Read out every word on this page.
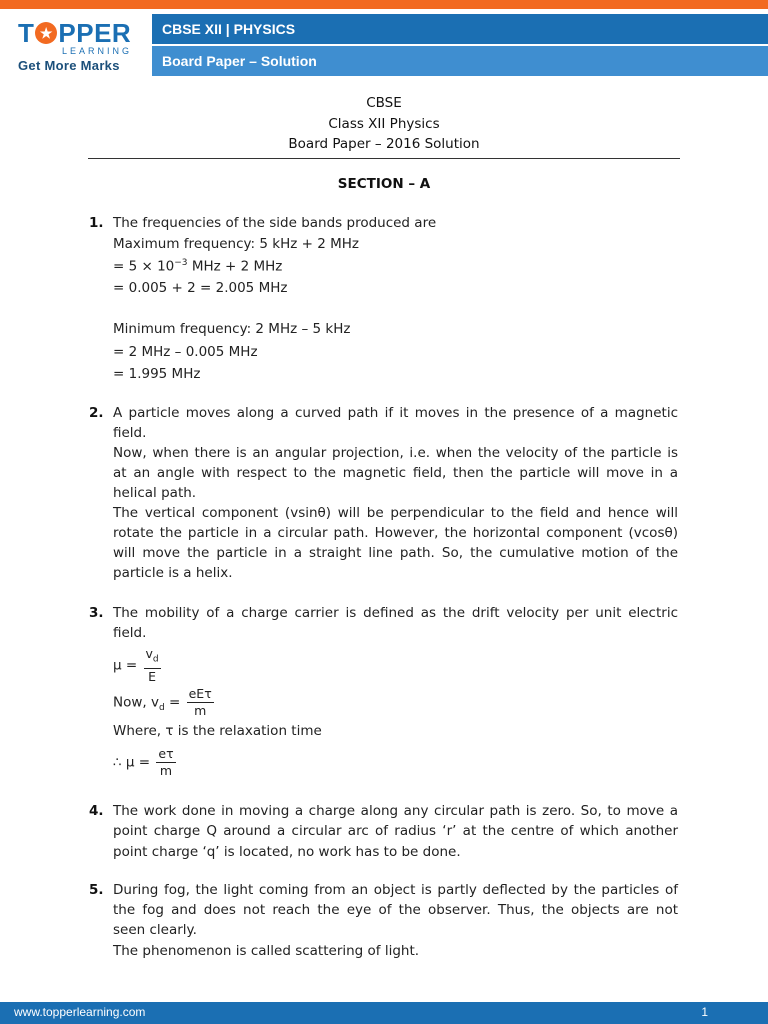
T ★ PPER
LEARNING
Get More Marks
CBSE XII | PHYSICS
Board Paper – Solution
CBSE
Class XII Physics
Board Paper – 2016 Solution
SECTION – A
1. The frequencies of the side bands produced are
Maximum frequency: 5 kHz + 2 MHz
= $5 \times 10^{-3}$ MHz + 2 MHz
= 0.005 + 2 = 2.005 MHz
Minimum frequency: 2 MHz – 5 kHz
= 2 MHz – 0.005 MHz
= 1.995 MHz
2. A particle moves along a curved path if it moves in the presence of a magnetic
field.
Now, when there is an angular projection, i.e. when the velocity of the particle is
at an angle with respect to the magnetic field, then the particle will move in a
helical path.
The vertical component (vsinθ) will be perpendicular to the field and hence will
rotate the particle in a circular path. However, the horizontal component (vcosθ)
will move the particle in a straight line path. So, the cumulative motion of the
particle is a helix.
3. The mobility of a charge carrier is defined as the drift velocity per unit electric
field.
$\mu = \frac{v_d}{E}$
Now, $v_d = \frac{\text{eEτ}}{m}$
Where, τ is the relaxation time
∴ $\mu = \frac{e\tau}{m}$
4. The work done in moving a charge along any circular path is zero. So, to move a
point charge Q around a circular arc of radius ‘r’ at the centre of which another
point charge ‘q’ is located, no work has to be done.
5. During fog, the light coming from an object is partly deflected by the particles of
the fog and does not reach the eye of the observer. Thus, the objects are not
seen clearly.
The phenomenon is called scattering of light.
www.topperlearning.com	1
